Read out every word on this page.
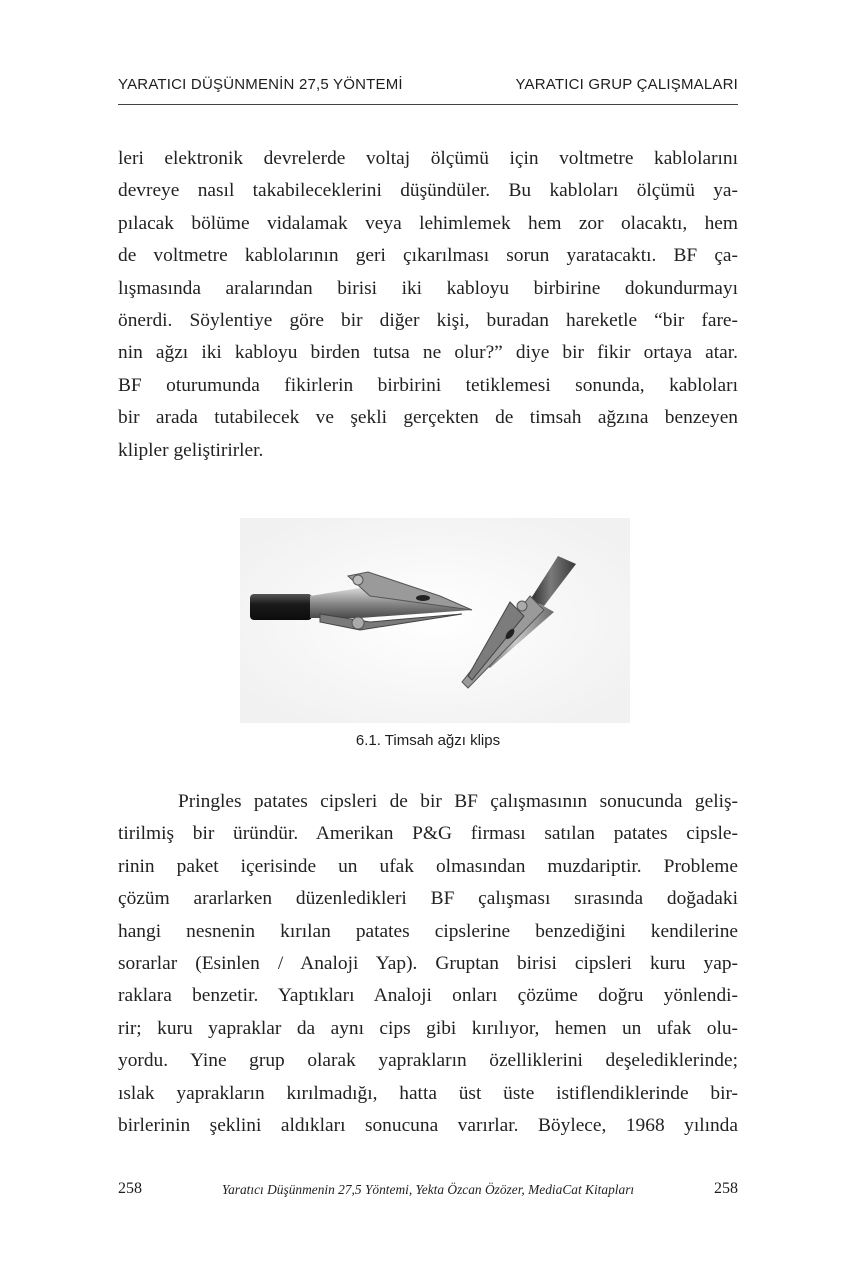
YARATICI DÜŞÜNMENİN 27,5 YÖNTEMİ	YARATICI GRUP ÇALIŞMALARI
leri elektronik devrelerde voltaj ölçümü için voltmetre kablolarını
devreye nasıl takabileceklerini düşündüler. Bu kabloları ölçümü ya-
pılacak bölüme vidalamak veya lehimlemek hem zor olacaktı, hem
de voltmetre kablolarının geri çıkarılması sorun yaratacaktı. BF ça-
lışmasında aralarından birisi iki kabloyu birbirine dokundurmayı
önerdi. Söylentiye göre bir diğer kişi, buradan hareketle “bir fare-
nin ağzı iki kabloyu birden tutsa ne olur?” diye bir fikir ortaya atar.
BF oturumunda fikirlerin birbirini tetiklemesi sonunda, kabloları
bir arada tutabilecek ve şekli gerçekten de timsah ağzına benzeyen
klipler geliştirirler.
6.1. Timsah ağzı klips
Pringles patates cipsleri de bir BF çalışmasının sonucunda geliş-
tirilmiş bir üründür. Amerikan P&G firması satılan patates cipsle-
rinin paket içerisinde un ufak olmasından muzdariptir. Probleme
çözüm ararlarken düzenledikleri BF çalışması sırasında doğadaki
hangi nesnenin kırılan patates cipslerine benzediğini kendilerine
sorarlar (Esinlen / Analoji Yap). Gruptan birisi cipsleri kuru yap-
raklara benzetir. Yaptıkları Analoji onları çözüme doğru yönlendi-
rir; kuru yapraklar da aynı cips gibi kırılıyor, hemen un ufak olu-
yordu. Yine grup olarak yaprakların özelliklerini deşelediklerinde;
ıslak yaprakların kırılmadığı, hatta üst üste istiflendiklerinde bir-
birlerinin şeklini aldıkları sonucuna varırlar. Böylece, 1968 yılında
258	Yaratıcı Düşünmenin 27,5 Yöntemi, Yekta Özcan Özözer, MediaCat Kitapları	258
